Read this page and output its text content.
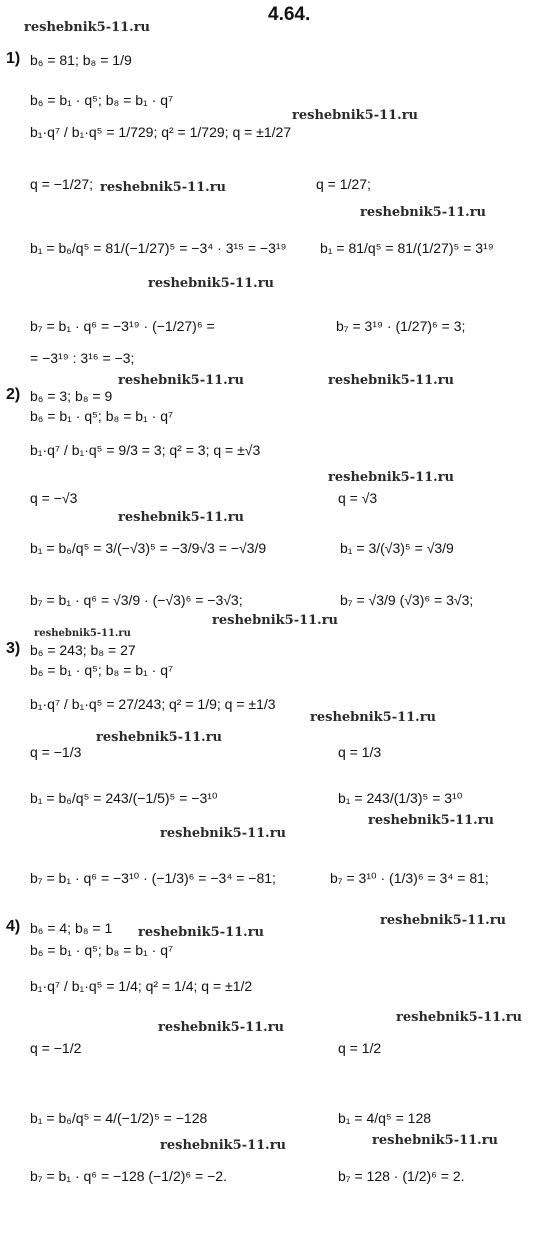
4.64.
reshebnik5-11.ru
reshebnik5-11.ru
reshebnik5-11.ru
reshebnik5-11.ru
reshebnik5-11.ru
reshebnik5-11.ru	reshebnik5-11.ru
reshebnik5-11.ru
reshebnik5-11.ru
reshebnik5-11.ru
reshebnik5-11.ru
reshebnik5-11.ru
reshebnik5-11.ru
reshebnik5-11.ru
reshebnik5-11.ru
reshebnik5-11.ru
reshebnik5-11.ru
reshebnik5-11.ru
reshebnik5-11.ru
reshebnik5-11.ru	reshebnik5-11.ru
1) b₆ = 81; b₈ = 1/9
b₆ = b₁ · q⁵; b₈ = b₁ · q⁷
b₁·q⁷ / b₁·q⁵ = 1/729; q² = 1/729; q = ±1/27
q = −1/27;	q = 1/27;
b₁ = b₆/q⁵ = 81/(−1/27)⁵ = −3⁴ · 3¹⁵ = −3¹⁹ b₁ = 81/q⁵ = 81/(1/27)⁵ = 3¹⁹
b₇ = b₁ · q⁶ = −3¹⁹ · (−1/27)⁶ =	b₇ = 3¹⁹ · (1/27)⁶ = 3;
= −3¹⁹ : 3¹⁶ = −3;
2) b₆ = 3; b₈ = 9
b₆ = b₁ · q⁵; b₈ = b₁ · q⁷
b₁·q⁷ / b₁·q⁵ = 9/3 = 3; q² = 3; q = ±√3
q = −√3	q = √3
b₁ = b₆/q⁵ = 3/(−√3)⁵ = −3/9√3 = −√3/9	b₁ = 3/(√3)⁵ = √3/9
b₇ = b₁ · q⁶ = √3/9 · (−√3)⁶ = −3√3;	b₇ = √3/9 (√3)⁶ = 3√3;
3) b₆ = 243; b₈ = 27
b₆ = b₁ · q⁵; b₈ = b₁ · q⁷
b₁·q⁷ / b₁·q⁵ = 27/243; q² = 1/9; q = ±1/3
q = −1/3	q = 1/3
b₁ = b₆/q⁵ = 243/(−1/5)⁵ = −3¹⁰	b₁ = 243/(1/3)⁵ = 3¹⁰
b₇ = b₁ · q⁶ = −3¹⁰ · (−1/3)⁶ = −3⁴ = −81;	b₇ = 3¹⁰ · (1/3)⁶ = 3⁴ = 81;
4) b₆ = 4; b₈ = 1
b₆ = b₁ · q⁵; b₈ = b₁ · q⁷
b₁·q⁷ / b₁·q⁵ = 1/4; q² = 1/4; q = ±1/2
q = −1/2	q = 1/2
b₁ = b₆/q⁵ = 4/(−1/2)⁵ = −128	b₁ = 4/q⁵ = 128
b₇ = b₁ · q⁶ = −128 (−1/2)⁶ = −2.	b₇ = 128 · (1/2)⁶ = 2.
